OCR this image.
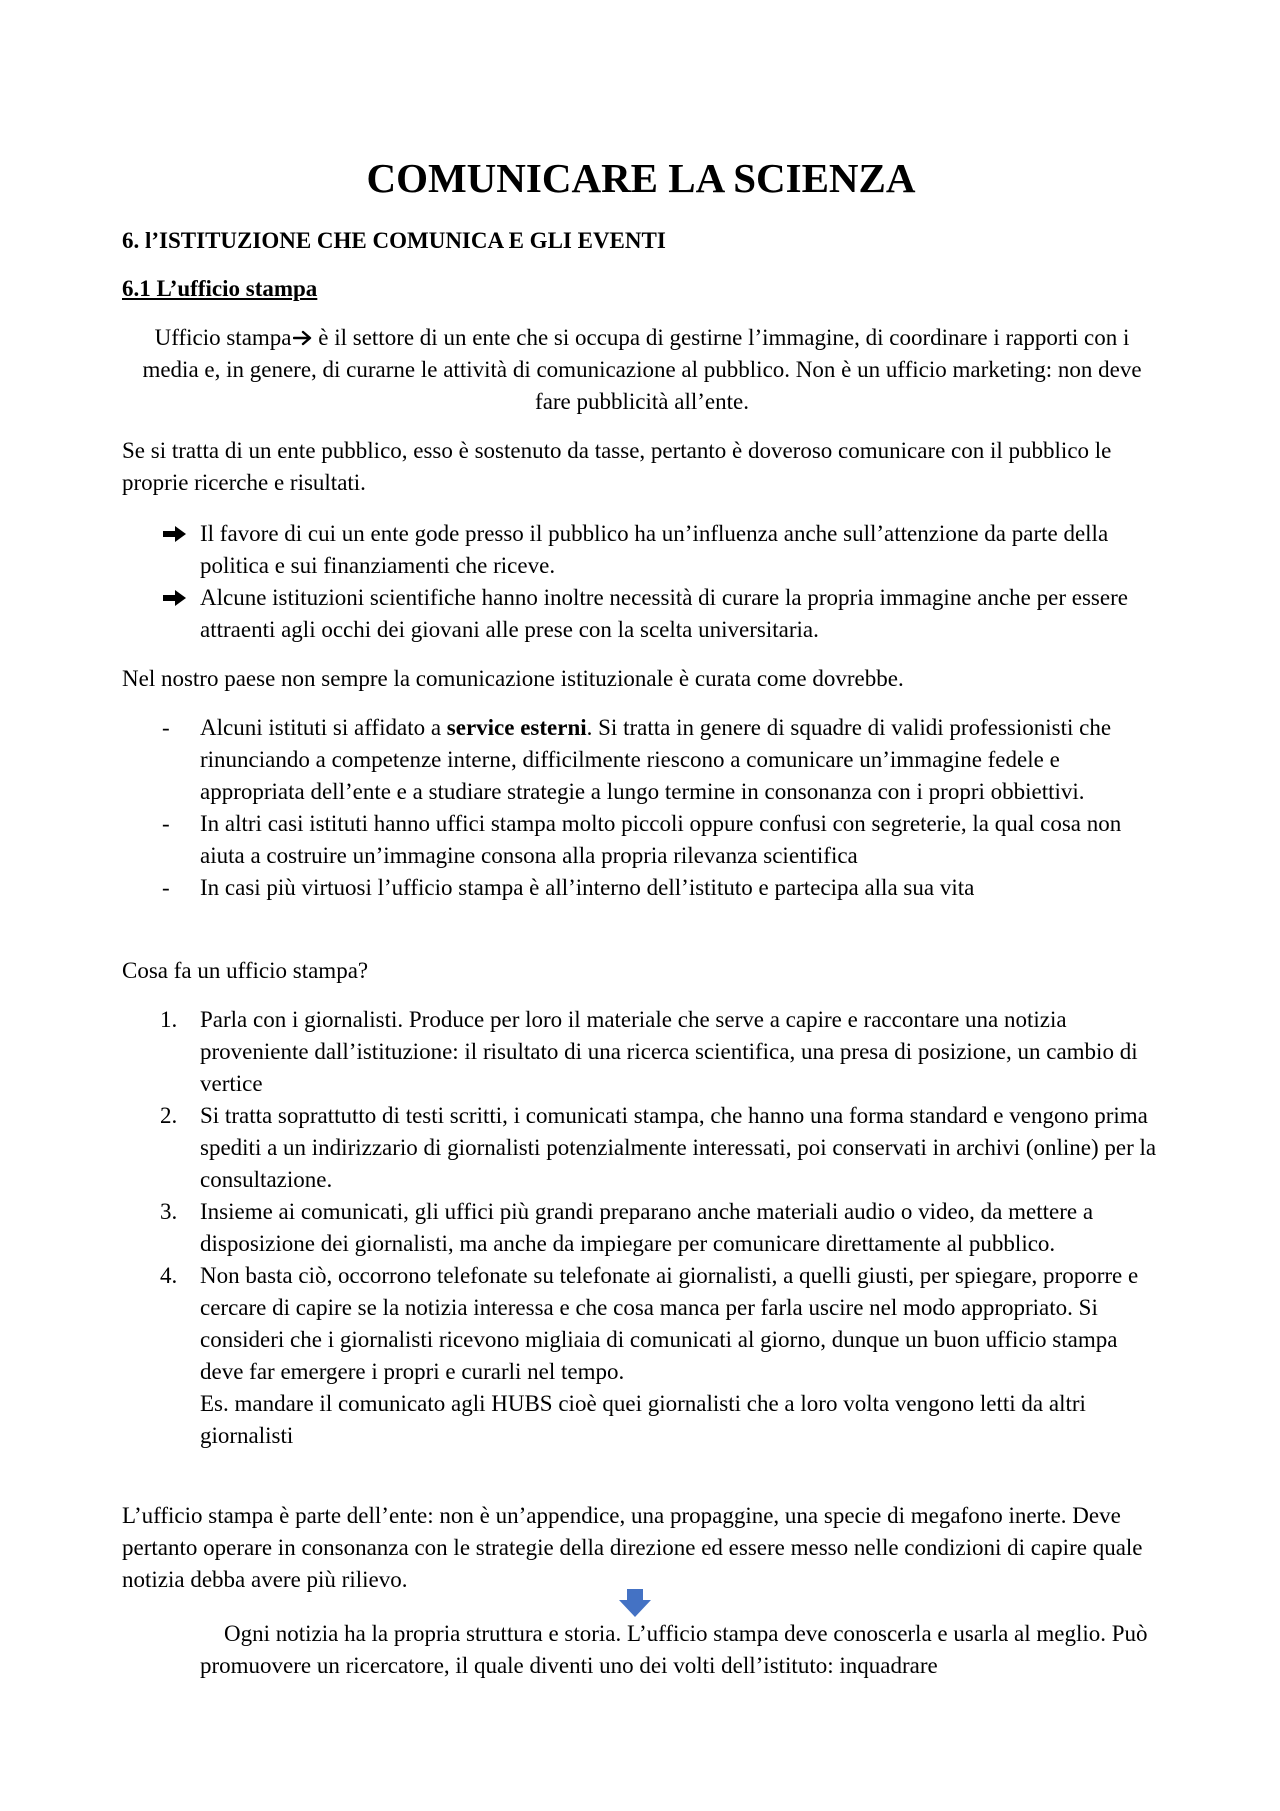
COMUNICARE LA SCIENZA
6. l’ISTITUZIONE CHE COMUNICA E GLI EVENTI
6.1 L’ufficio stampa

Ufficio stampa è il settore di un ente che si occupa di gestirne l’immagine, di coordinare i rapporti con i media e, in genere, di curarne le attività di comunicazione al pubblico. Non è un ufficio marketing: non deve fare pubblicità all’ente.

Se si tratta di un ente pubblico, esso è sostenuto da tasse, pertanto è doveroso comunicare con il pubblico le proprie ricerche e risultati.

Il favore di cui un ente gode presso il pubblico ha un’influenza anche sull’attenzione da parte della politica e sui finanziamenti che riceve.
Alcune istituzioni scientifiche hanno inoltre necessità di curare la propria immagine anche per essere attraenti agli occhi dei giovani alle prese con la scelta universitaria.

Nel nostro paese non sempre la comunicazione istituzionale è curata come dovrebbe.

-	Alcuni istituti si affidato a service esterni. Si tratta in genere di squadre di validi professionisti che rinunciando a competenze interne, difficilmente riescono a comunicare un’immagine fedele e appropriata dell’ente e a studiare strategie a lungo termine in consonanza con i propri obbiettivi.
-	In altri casi istituti hanno uffici stampa molto piccoli oppure confusi con segreterie, la qual cosa non aiuta a costruire un’immagine consona alla propria rilevanza scientifica
-	In casi più virtuosi l’ufficio stampa è all’interno dell’istituto e partecipa alla sua vita

Cosa fa un ufficio stampa?

1. Parla con i giornalisti. Produce per loro il materiale che serve a capire e raccontare una notizia proveniente dall’istituzione: il risultato di una ricerca scientifica, una presa di posizione, un cambio di vertice
2. Si tratta soprattutto di testi scritti, i comunicati stampa, che hanno una forma standard e vengono prima spediti a un indirizzario di giornalisti potenzialmente interessati, poi conservati in archivi (online) per la consultazione.
3. Insieme ai comunicati, gli uffici più grandi preparano anche materiali audio o video, da mettere a disposizione dei giornalisti, ma anche da impiegare per comunicare direttamente al pubblico.
4. Non basta ciò, occorrono telefonate su telefonate ai giornalisti, a quelli giusti, per spiegare, proporre e cercare di capire se la notizia interessa e che cosa manca per farla uscire nel modo appropriato. Si consideri che i giornalisti ricevono migliaia di comunicati al giorno, dunque un buon ufficio stampa deve far emergere i propri e curarli nel tempo.
Es. mandare il comunicato agli HUBS cioè quei giornalisti che a loro volta vengono letti da altri giornalisti

L’ufficio stampa è parte dell’ente: non è un’appendice, una propaggine, una specie di megafono inerte. Deve pertanto operare in consonanza con le strategie della direzione ed essere messo nelle condizioni di capire quale notizia debba avere più rilievo.

Ogni notizia ha la propria struttura e storia. L’ufficio stampa deve conoscerla e usarla al meglio. Può promuovere un ricercatore, il quale diventi uno dei volti dell’istituto: inquadrare
